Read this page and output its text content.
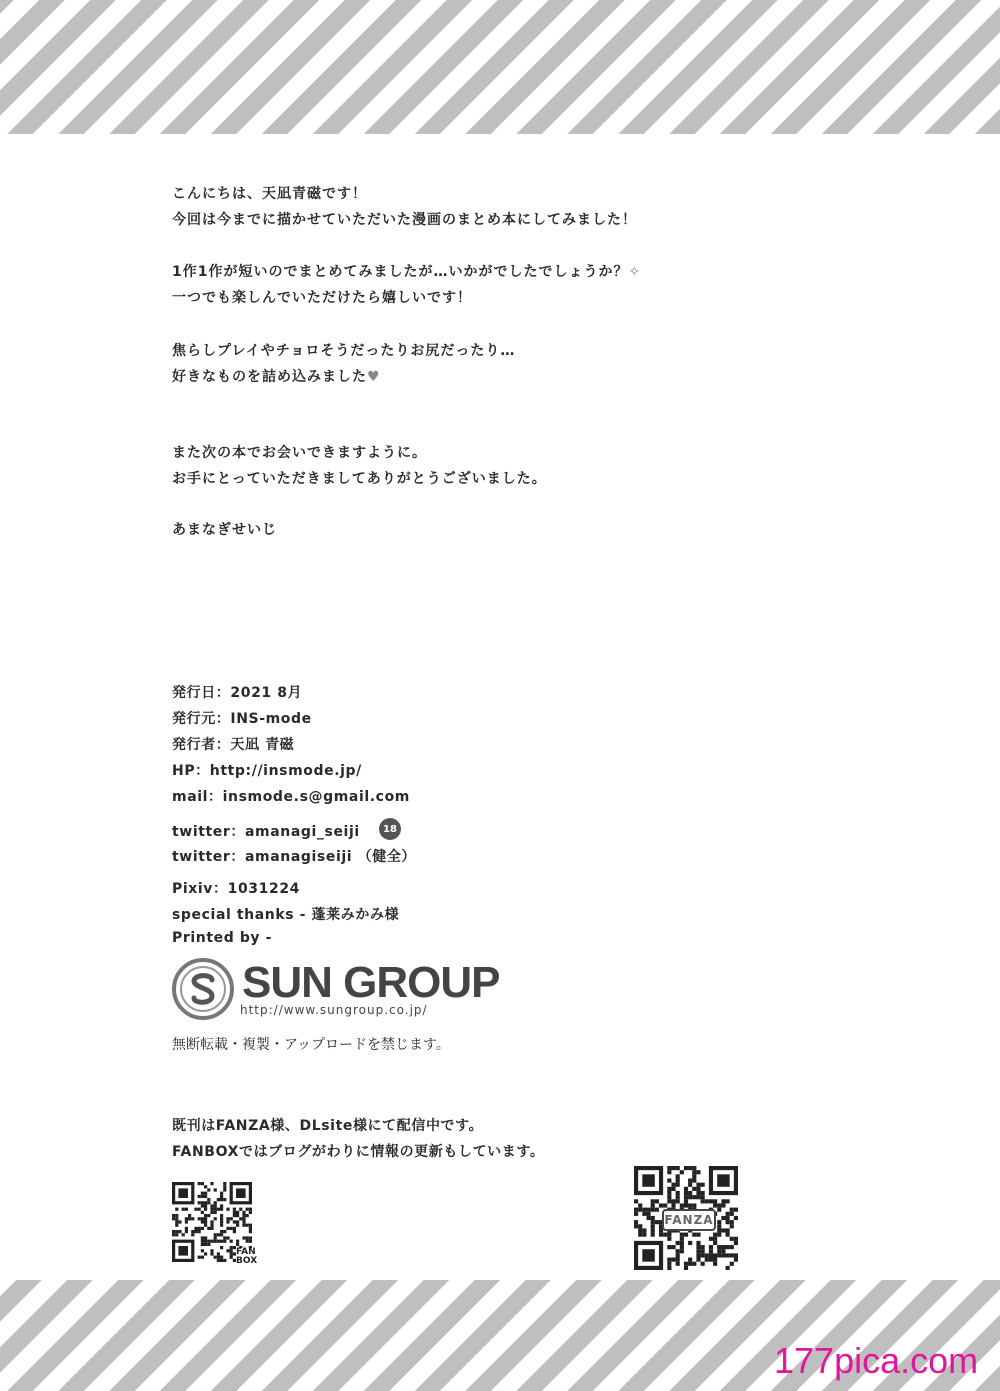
こんにちは、天凪青磁です！
今回は今までに描かせていただいた漫画のまとめ本にしてみました！
1作1作が短いのでまとめてみましたが…いかがでしたでしょうか？✧
一つでも楽しんでいただけたら嬉しいです！
焦らしプレイやチョロそうだったりお尻だったり…
好きなものを詰め込みました♥
また次の本でお会いできますように。
お手にとっていただきましてありがとうございました。
あまなぎせいじ
発行日：2021 8月
発行元：INS-mode
発行者：天凪 青磁
HP：http://insmode.jp/
mail：insmode.s@gmail.com
twitter：amanagi_seiji	18
twitter：amanagiseiji （健全）
Pixiv：1031224
special thanks - 蓬莱みかみ様
Printed by -
SUN GROUP
http://www.sungroup.co.jp/
無断転載・複製・アップロードを禁じます。
既刊はFANZA様、DLsite様にて配信中です。
FANBOXではブログがわりに情報の更新もしています。
FAN
BOX
FANZA
177pica.com
